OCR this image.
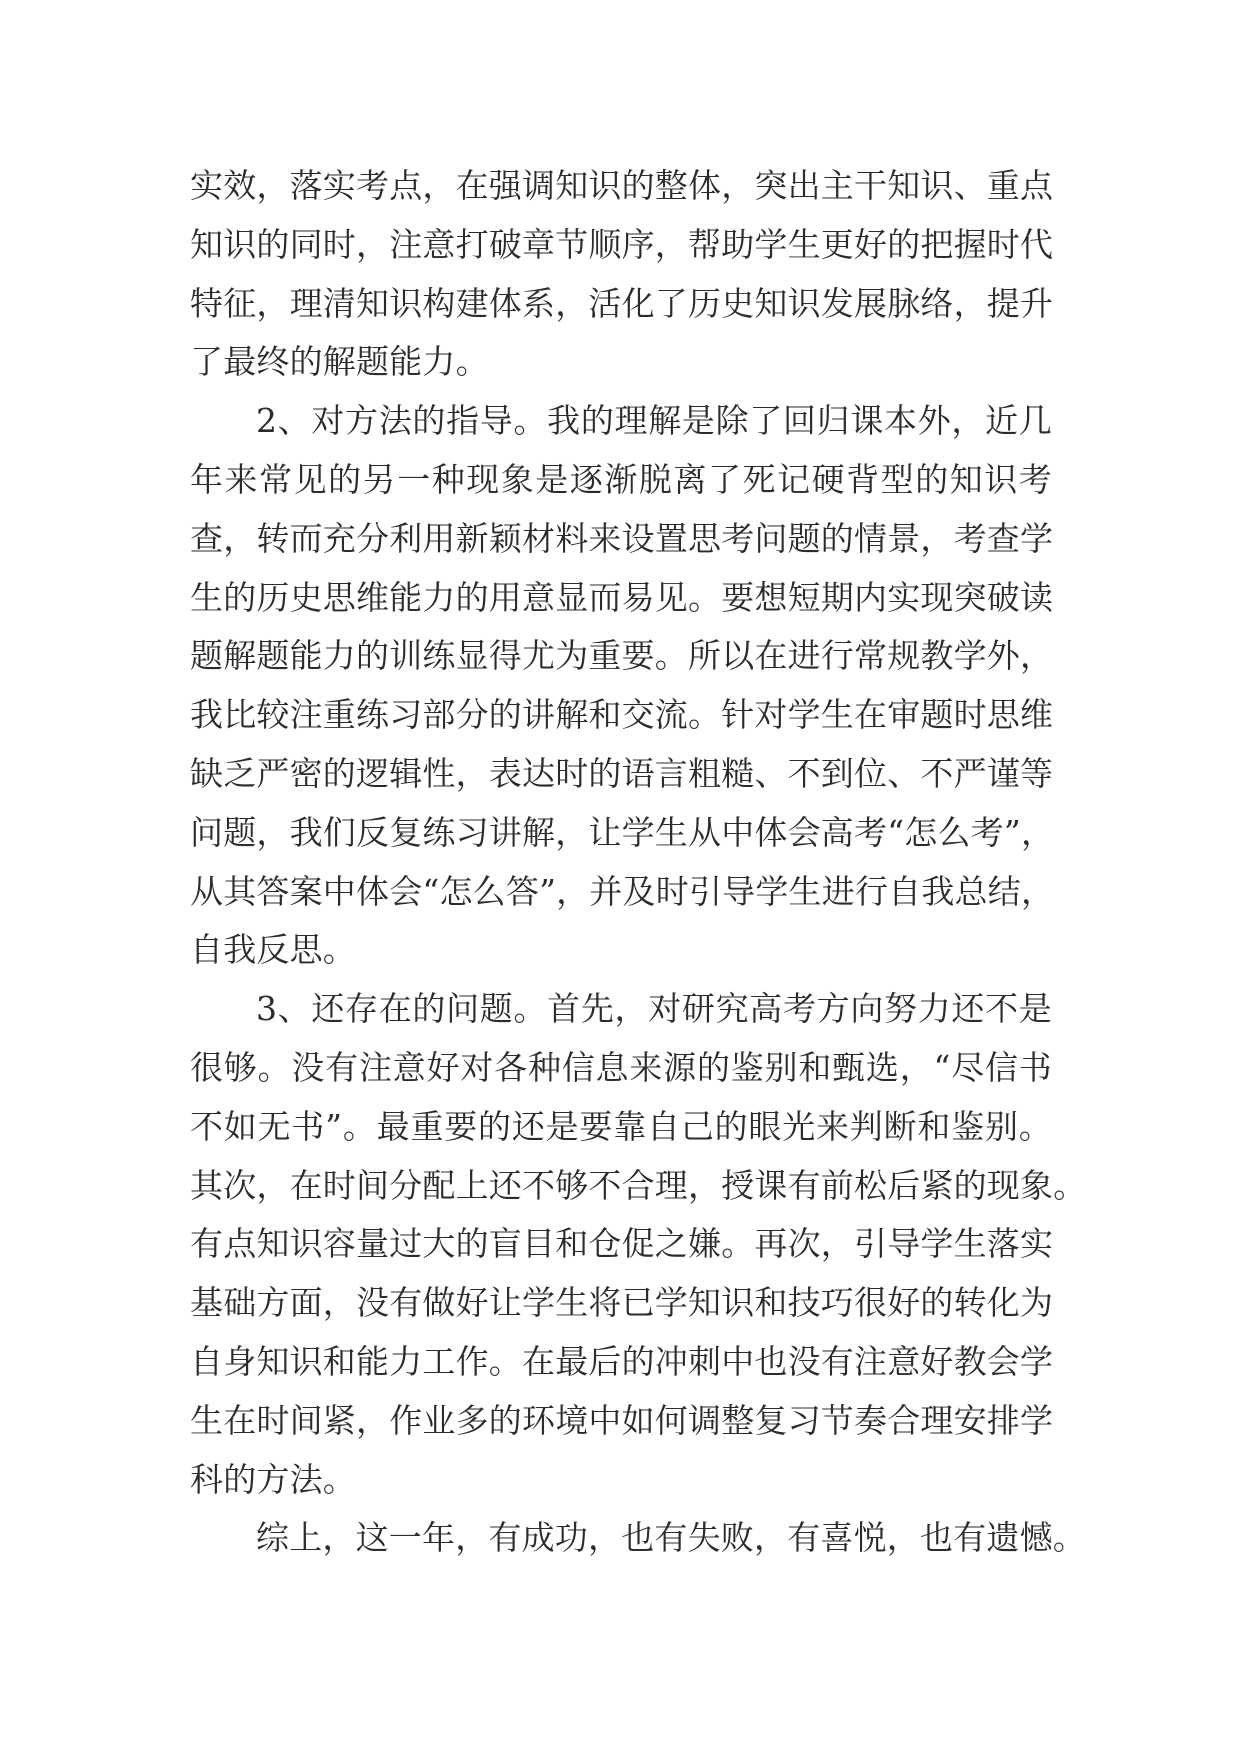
实效，落实考点，在强调知识的整体，突出主干知识、重点
知识的同时，注意打破章节顺序，帮助学生更好的把握时代
特征，理清知识构建体系，活化了历史知识发展脉络，提升
了最终的解题能力。
2、对方法的指导。我的理解是除了回归课本外，近几
年来常见的另一种现象是逐渐脱离了死记硬背型的知识考
查，转而充分利用新颖材料来设置思考问题的情景，考查学
生的历史思维能力的用意显而易见。要想短期内实现突破读
题解题能力的训练显得尤为重要。所以在进行常规教学外，
我比较注重练习部分的讲解和交流。针对学生在审题时思维
缺乏严密的逻辑性，表达时的语言粗糙、不到位、不严谨等
问题，我们反复练习讲解，让学生从中体会高考“怎么考”，
从其答案中体会“怎么答”，并及时引导学生进行自我总结，
自我反思。
3、还存在的问题。首先，对研究高考方向努力还不是
很够。没有注意好对各种信息来源的鉴别和甄选，“尽信书
不如无书”。最重要的还是要靠自己的眼光来判断和鉴别。
其次，在时间分配上还不够不合理，授课有前松后紧的现象。
有点知识容量过大的盲目和仓促之嫌。再次，引导学生落实
基础方面，没有做好让学生将已学知识和技巧很好的转化为
自身知识和能力工作。在最后的冲刺中也没有注意好教会学
生在时间紧，作业多的环境中如何调整复习节奏合理安排学
科的方法。
综上，这一年，有成功，也有失败，有喜悦，也有遗憾。
